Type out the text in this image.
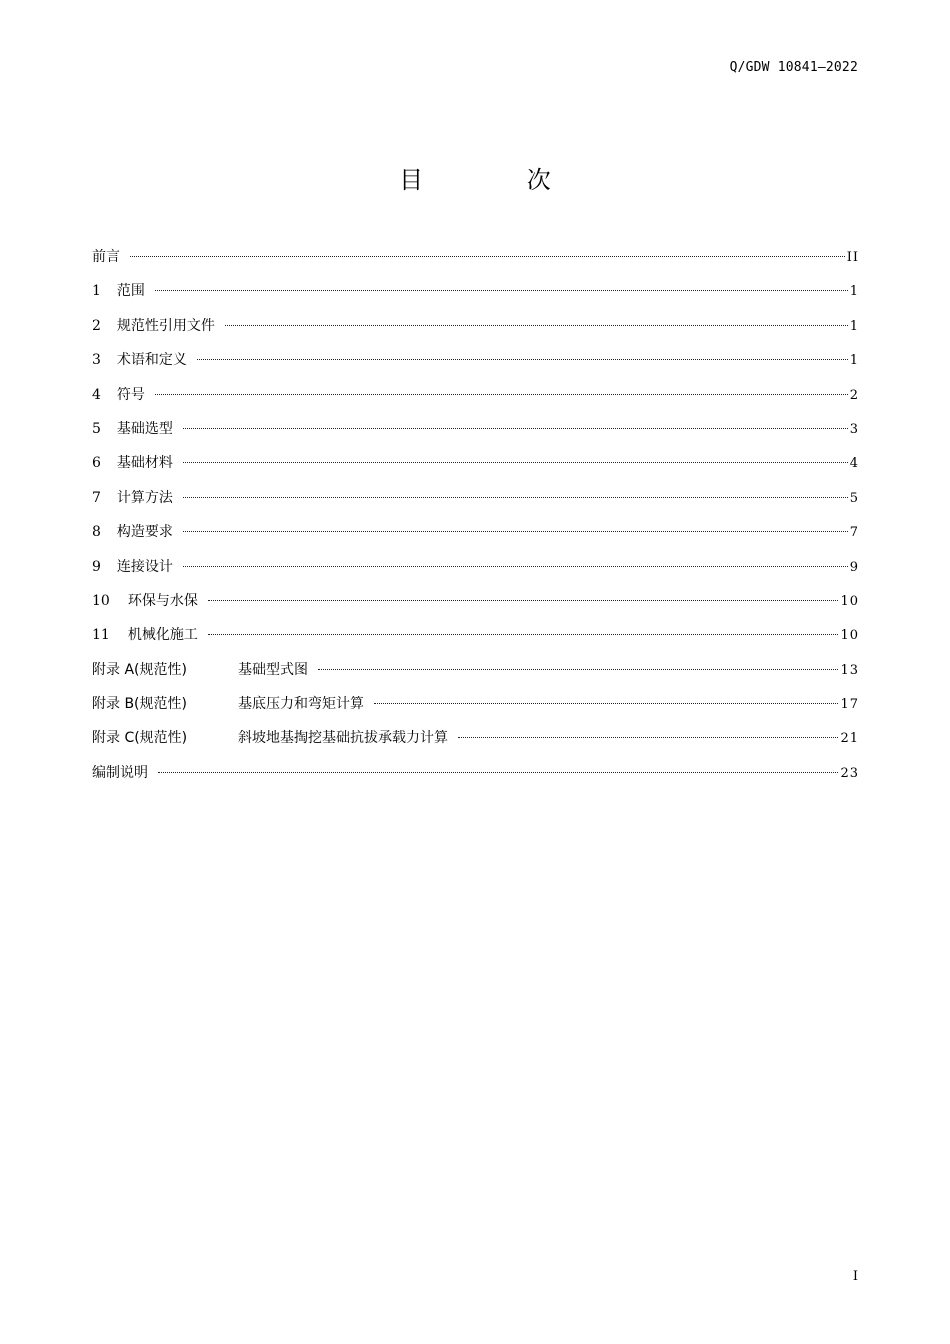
Q/GDW 10841—2022
目 次
前言	II
1 范围	1
2 规范性引用文件	1
3 术语和定义	1
4 符号	2
5 基础选型	3
6 基础材料	4
7 计算方法	5
8 构造要求	7
9 连接设计	9
10 环保与水保	10
11 机械化施工	10
附录 A(规范性)	基础型式图	13
附录 B(规范性)	基底压力和弯矩计算	17
附录 C(规范性)	斜坡地基掏挖基础抗拔承载力计算	21
编制说明	23
I
